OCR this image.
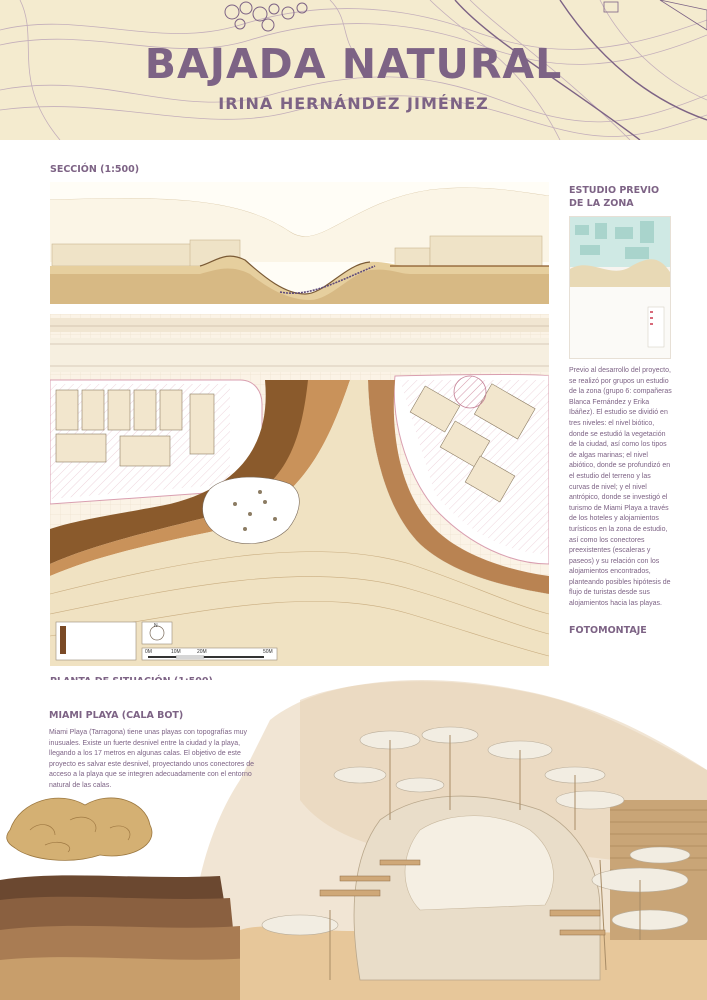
BAJADA NATURAL
IRINA HERNÁNDEZ JIMÉNEZ
SECCIÓN (1:500)
0M	10M	20M	50M
N
ESTUDIO PREVIO DE LA ZONA
Previo al desarrollo del proyecto, se realizó por grupos un estudio de la zona (grupo 6: compañeras Blanca Fernández y Erika Ibáñez). El estudio se dividió en tres niveles: el nivel biótico, donde se estudió la vegetación de la ciudad, así como los tipos de algas marinas; el nivel abiótico, donde se profundizó en el estudio del terreno y las curvas de nivel; y el nivel antrópico, donde se investigó el turismo de Miami Playa a través de los hoteles y alojamientos turísticos en la zona de estudio, así como los conectores preexistentes (escaleras y paseos) y su relación con los alojamientos encontrados, planteando posibles hipótesis de flujo de turistas desde sus alojamientos hacia las playas.
FOTOMONTAJE
MIAMI PLAYA (CALA BOT)
Miami Playa (Tarragona) tiene unas playas con topografías muy inusuales. Existe un fuerte desnivel entre la ciudad y la playa, llegando a los 17 metros en algunas calas. El objetivo de este proyecto es salvar este desnivel, proyectando unos conectores de acceso a la playa que se integren adecuadamente con el entorno natural de las calas.
